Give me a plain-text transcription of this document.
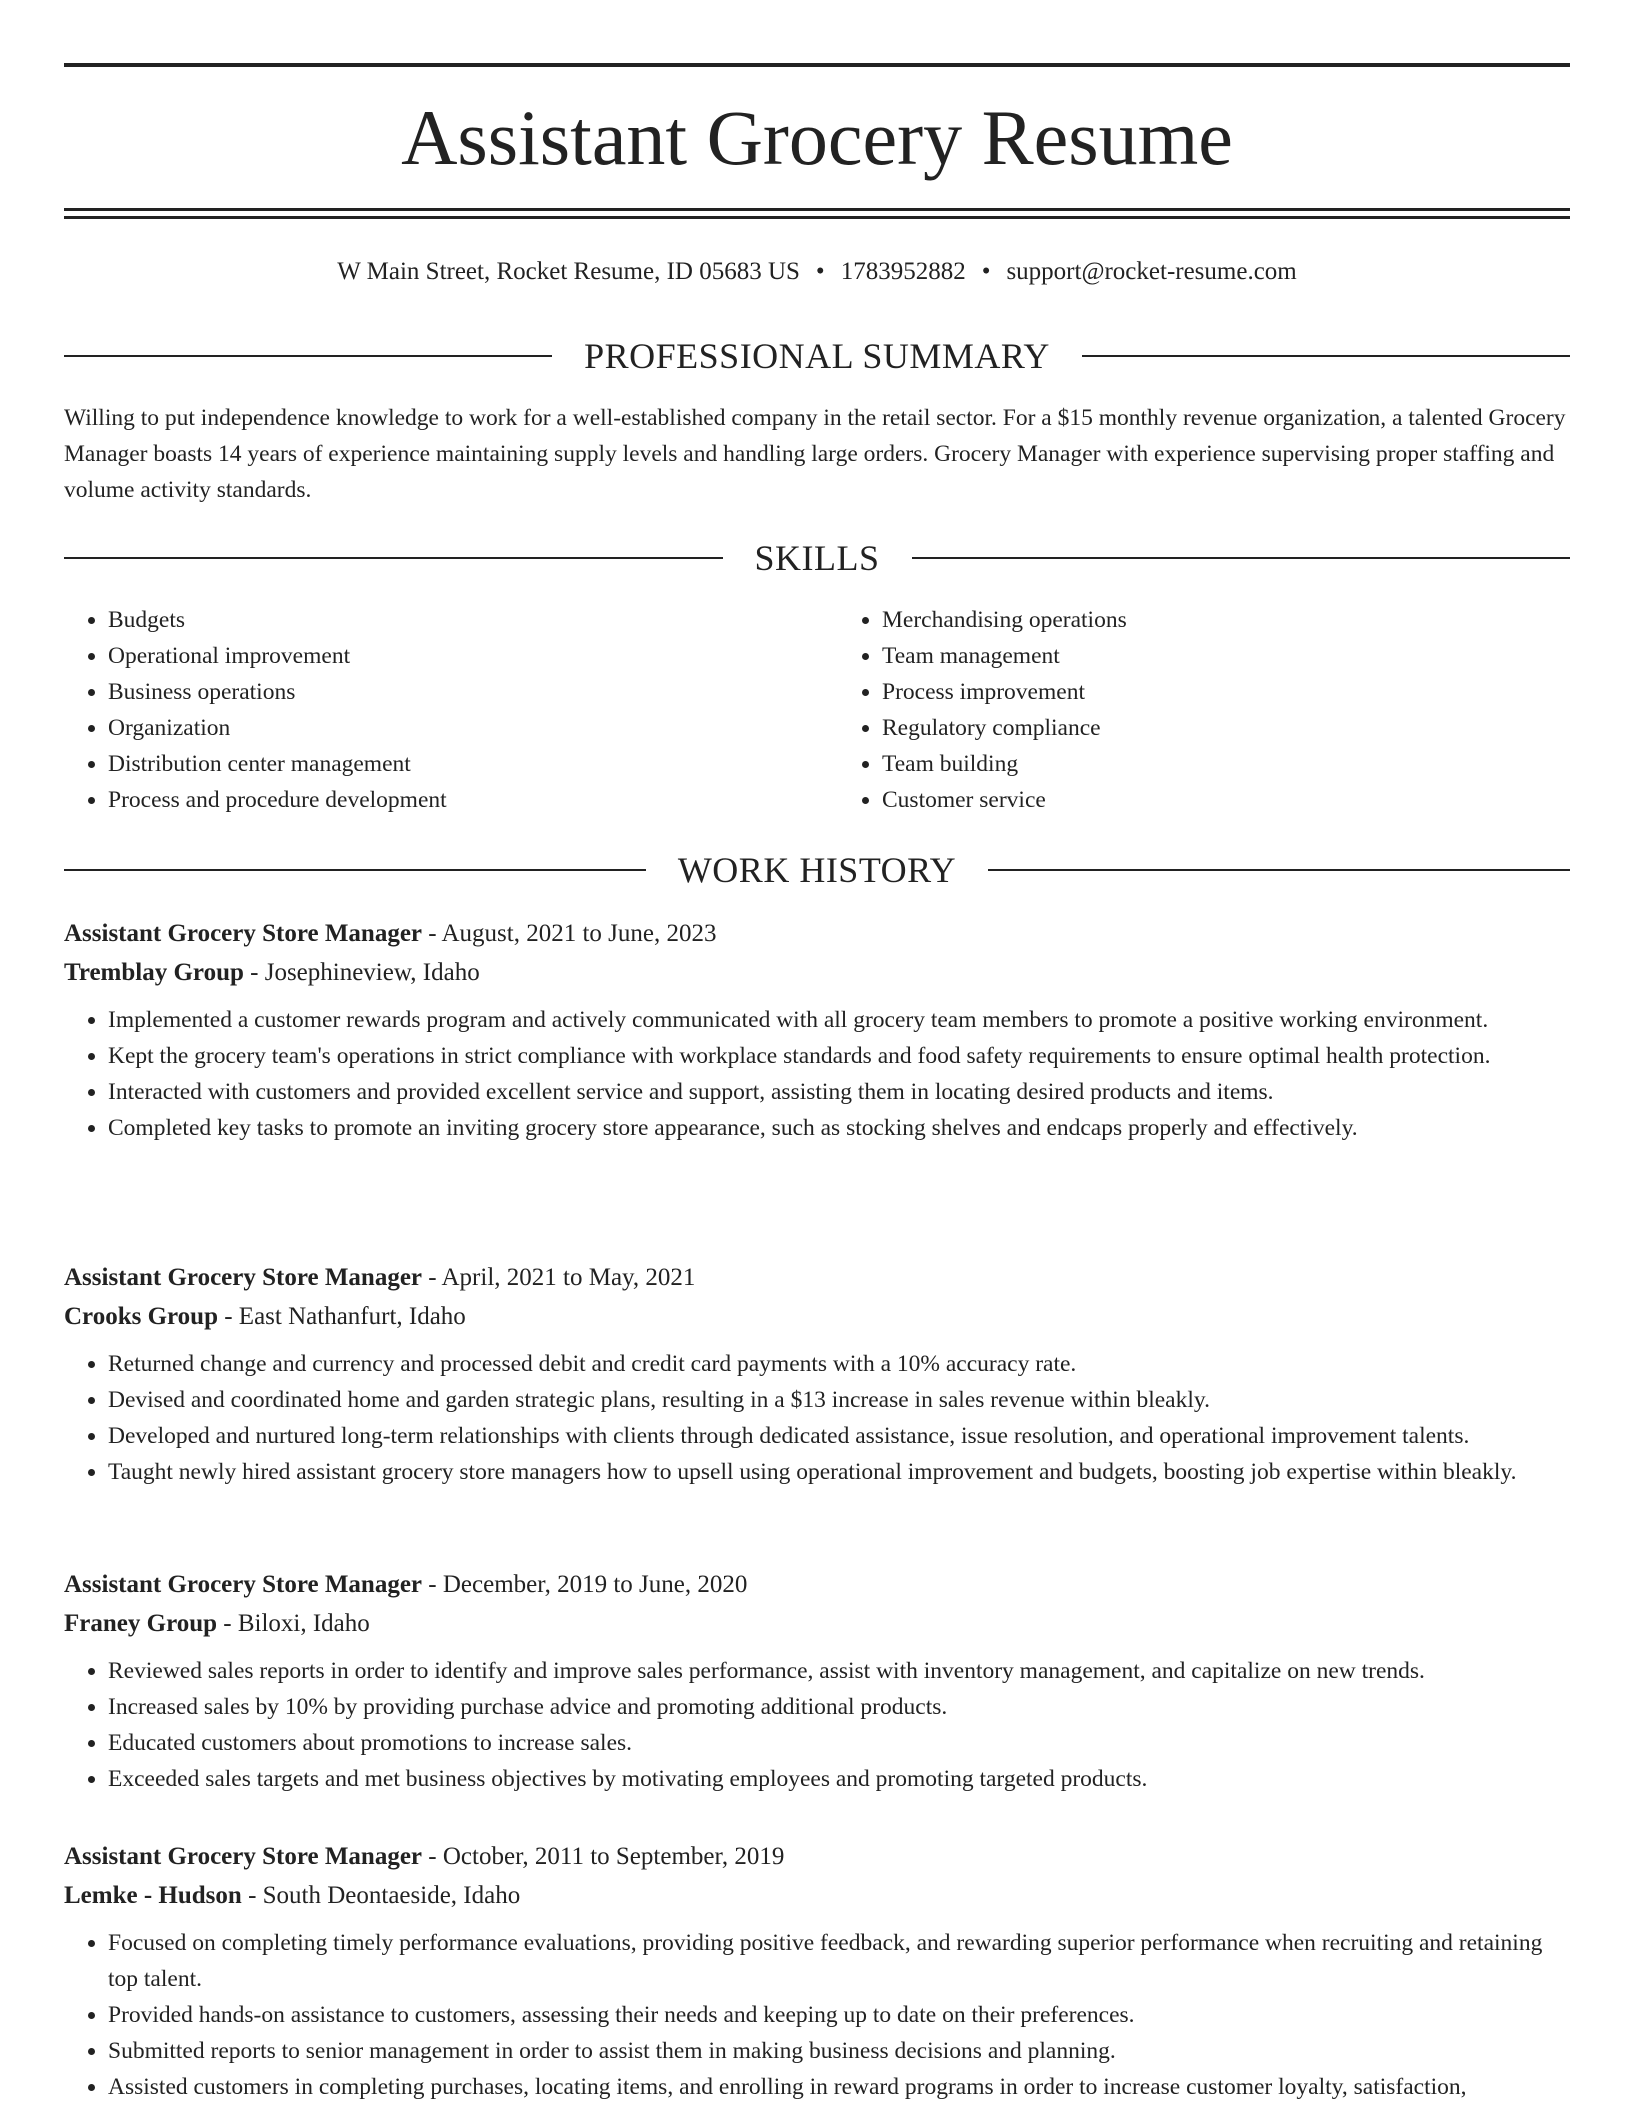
Assistant Grocery Resume
W Main Street, Rocket Resume, ID 05683 US • 1783952882 • support@rocket-resume.com
PROFESSIONAL SUMMARY

Willing to put independence knowledge to work for a well-established company in the retail sector. For a $15 monthly revenue organization, a talented Grocery Manager boasts 14 years of experience maintaining supply levels and handling large orders. Grocery Manager with experience supervising proper staffing and volume activity standards.

SKILLS
• Budgets
• Operational improvement
• Business operations
• Organization
• Distribution center management
• Process and procedure development
• Merchandising operations
• Team management
• Process improvement
• Regulatory compliance
• Team building
• Customer service
WORK HISTORY

Assistant Grocery Store Manager - August, 2021 to June, 2023

Tremblay Group - Josephineview, Idaho

• Implemented a customer rewards program and actively communicated with all grocery team members to promote a positive working environment.
• Kept the grocery team's operations in strict compliance with workplace standards and food safety requirements to ensure optimal health protection.
• Interacted with customers and provided excellent service and support, assisting them in locating desired products and items.
• Completed key tasks to promote an inviting grocery store appearance, such as stocking shelves and endcaps properly and effectively.

Assistant Grocery Store Manager - April, 2021 to May, 2021

Crooks Group - East Nathanfurt, Idaho

• Returned change and currency and processed debit and credit card payments with a 10% accuracy rate.
• Devised and coordinated home and garden strategic plans, resulting in a $13 increase in sales revenue within bleakly.
• Developed and nurtured long-term relationships with clients through dedicated assistance, issue resolution, and operational improvement talents.
• Taught newly hired assistant grocery store managers how to upsell using operational improvement and budgets, boosting job expertise within bleakly.

Assistant Grocery Store Manager - December, 2019 to June, 2020

Franey Group - Biloxi, Idaho

• Reviewed sales reports in order to identify and improve sales performance, assist with inventory management, and capitalize on new trends.
• Increased sales by 10% by providing purchase advice and promoting additional products.
• Educated customers about promotions to increase sales.
• Exceeded sales targets and met business objectives by motivating employees and promoting targeted products.

Assistant Grocery Store Manager - October, 2011 to September, 2019

Lemke - Hudson - South Deontaeside, Idaho

• Focused on completing timely performance evaluations, providing positive feedback, and rewarding superior performance when recruiting and retaining top talent.
• Provided hands-on assistance to customers, assessing their needs and keeping up to date on their preferences.
• Submitted reports to senior management in order to assist them in making business decisions and planning.
• Assisted customers in completing purchases, locating items, and enrolling in reward programs in order to increase customer loyalty, satisfaction,
